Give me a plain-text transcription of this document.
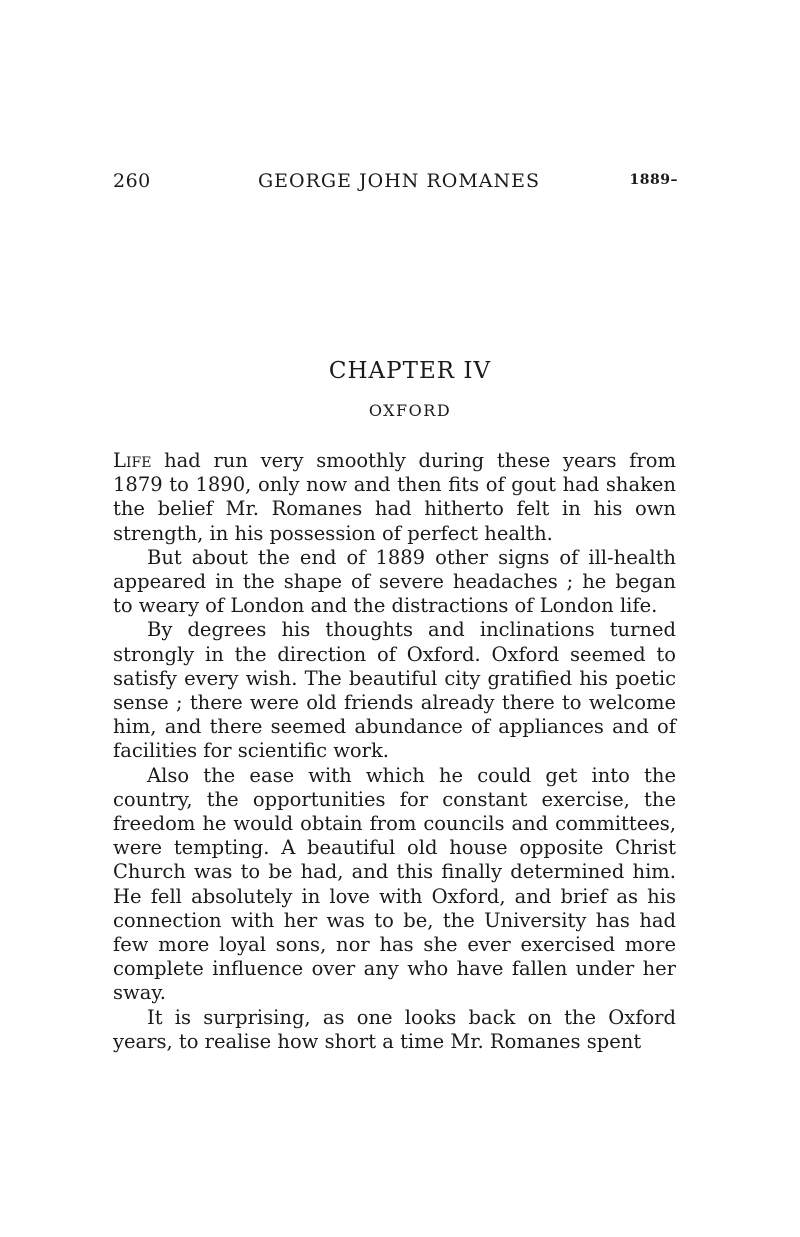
260	GEORGE JOHN ROMANES	1889–
CHAPTER IV
OXFORD

Life had run very smoothly during these years from 1879 to 1890, only now and then fits of gout had shaken the belief Mr. Romanes had hitherto felt in his own strength, in his possession of perfect health.

But about the end of 1889 other signs of ill-health appeared in the shape of severe headaches ; he began to weary of London and the distractions of London life.

By degrees his thoughts and inclinations turned strongly in the direction of Oxford. Oxford seemed to satisfy every wish. The beautiful city gratified his poetic sense ; there were old friends already there to welcome him, and there seemed abundance of appliances and of facilities for scientific work.

Also the ease with which he could get into the country, the opportunities for constant exercise, the freedom he would obtain from councils and committees, were tempting. A beautiful old house opposite Christ Church was to be had, and this finally determined him. He fell absolutely in love with Oxford, and brief as his connection with her was to be, the University has had few more loyal sons, nor has she ever exercised more complete influence over any who have fallen under her sway.

It is surprising, as one looks back on the Oxford years, to realise how short a time Mr. Romanes spent
